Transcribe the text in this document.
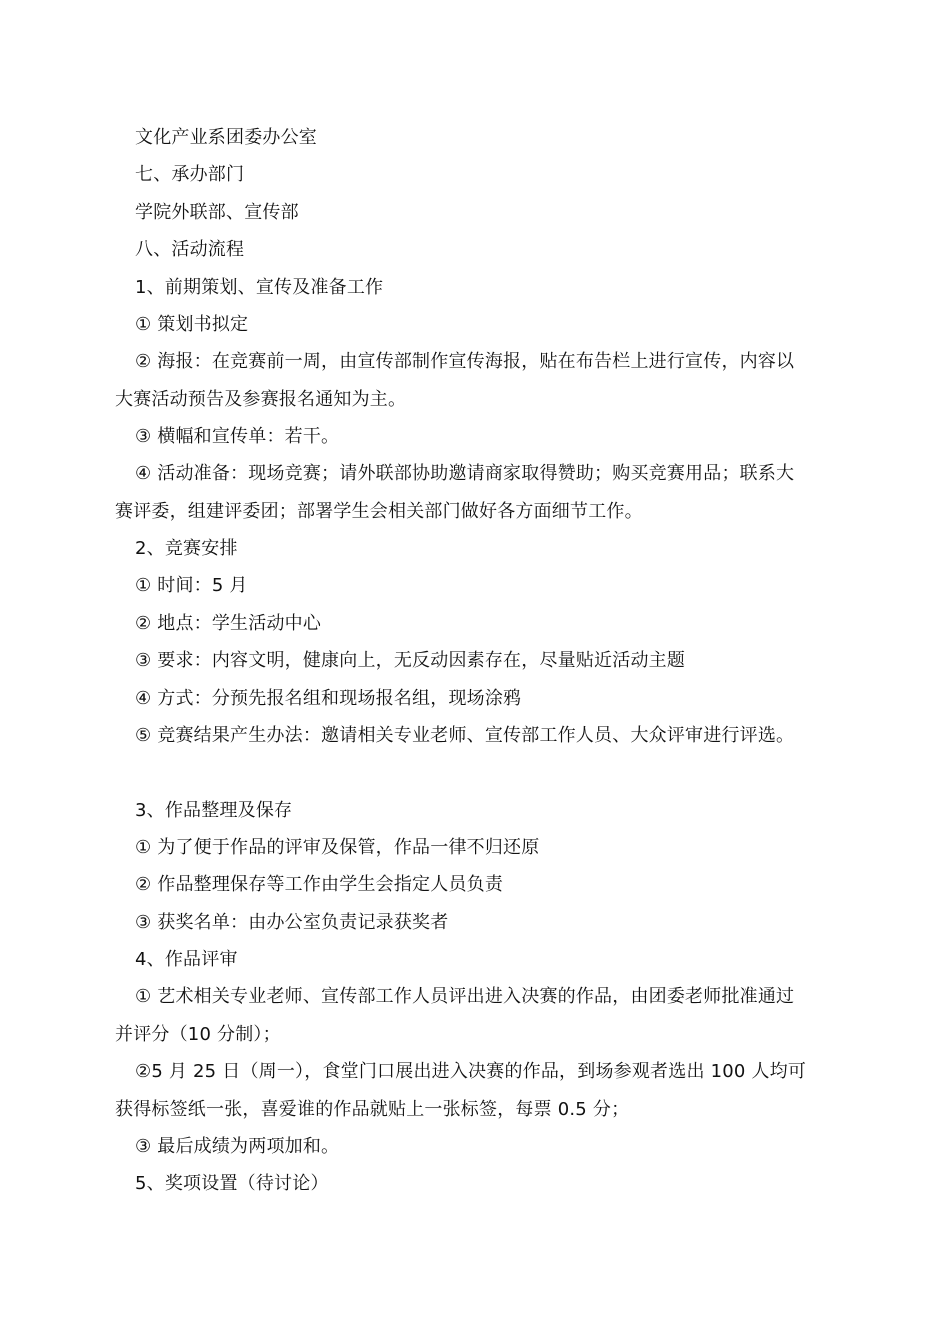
文化产业系团委办公室
七、承办部门
学院外联部、宣传部
八、活动流程
1、前期策划、宣传及准备工作
① 策划书拟定
② 海报：在竞赛前一周，由宣传部制作宣传海报，贴在布告栏上进行宣传，内容以
大赛活动预告及参赛报名通知为主。
③ 横幅和宣传单：若干。
④ 活动准备：现场竞赛；请外联部协助邀请商家取得赞助；购买竞赛用品；联系大
赛评委，组建评委团；部署学生会相关部门做好各方面细节工作。
2、竞赛安排
① 时间：5 月
② 地点：学生活动中心
③ 要求：内容文明，健康向上，无反动因素存在，尽量贴近活动主题
④ 方式：分预先报名组和现场报名组，现场涂鸦
⑤ 竞赛结果产生办法：邀请相关专业老师、宣传部工作人员、大众评审进行评选。
3、作品整理及保存
① 为了便于作品的评审及保管，作品一律不归还原
② 作品整理保存等工作由学生会指定人员负责
③ 获奖名单：由办公室负责记录获奖者
4、作品评审
① 艺术相关专业老师、宣传部工作人员评出进入决赛的作品，由团委老师批准通过
并评分（10 分制）；
②5 月 25 日（周一），食堂门口展出进入决赛的作品，到场参观者选出 100 人均可
获得标签纸一张，喜爱谁的作品就贴上一张标签，每票 0.5 分；
③ 最后成绩为两项加和。
5、奖项设置（待讨论）
